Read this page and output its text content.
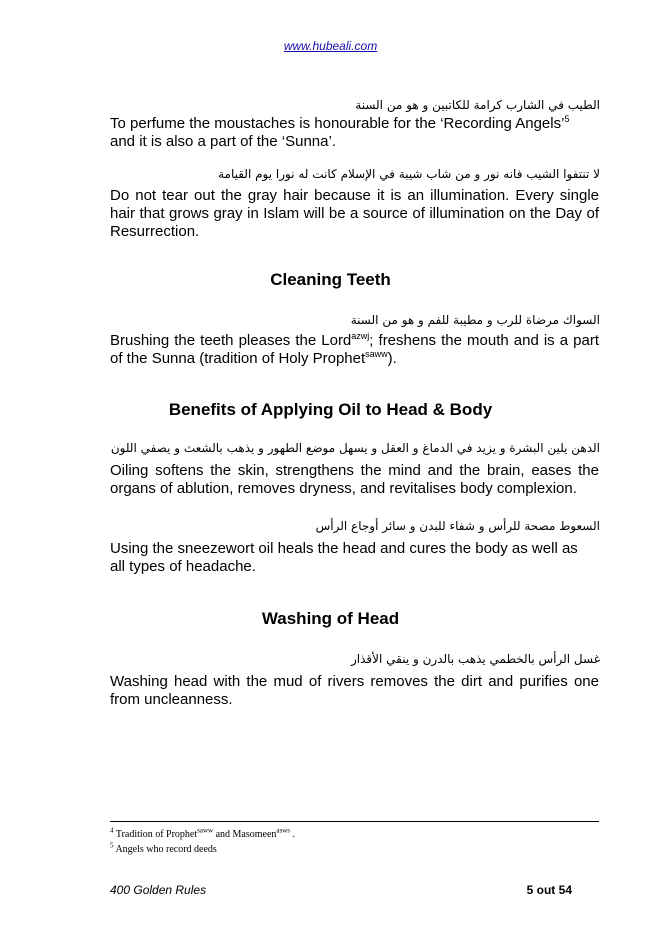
www.hubeali.com
الطيب في الشارب كرامة للكاتبين و هو من السنة
To perfume the moustaches is honourable for the ‘Recording Angels’$^5$
and it is also a part of the ‘Sunna’.
لا تنتفوا الشيب فانه نور و من شاب شيبة في الإسلام كانت له نورا يوم القيامة
Do not tear out the gray hair because it is an illumination. Every single hair that grows gray in Islam will be a source of illumination on the Day of Resurrection.
Cleaning Teeth
السواك مرضاة للرب و مطيبة للفم و هو من السنة
Brushing the teeth pleases the Lord$^{azwj}$; freshens the mouth and is a part of the Sunna (tradition of Holy Prophet$^{saww}$).
Benefits of Applying Oil to Head & Body
الدهن يلين البشرة و يزيد في الدماغ و العقل و يسهل موضع الطهور و يذهب بالشعث و يصفي اللون
Oiling softens the skin, strengthens the mind and the brain, eases the organs of ablution, removes dryness, and revitalises body complexion.
السعوط مصحة للرأس و شفاء للبدن و سائر أوجاع الرأس
Using the sneezewort oil heals the head and cures the body as well as all types of headache.
Washing of Head
غسل الرأس بالخطمي يذهب بالدرن و ينقي الأقذار
Washing head with the mud of rivers removes the dirt and purifies one from uncleanness.
$^4$ Tradition of Prophet$^{saww}$ and Masomeen$^{asws}$ .
$^5$ Angels who record deeds
400 Golden Rules	5 out 54
